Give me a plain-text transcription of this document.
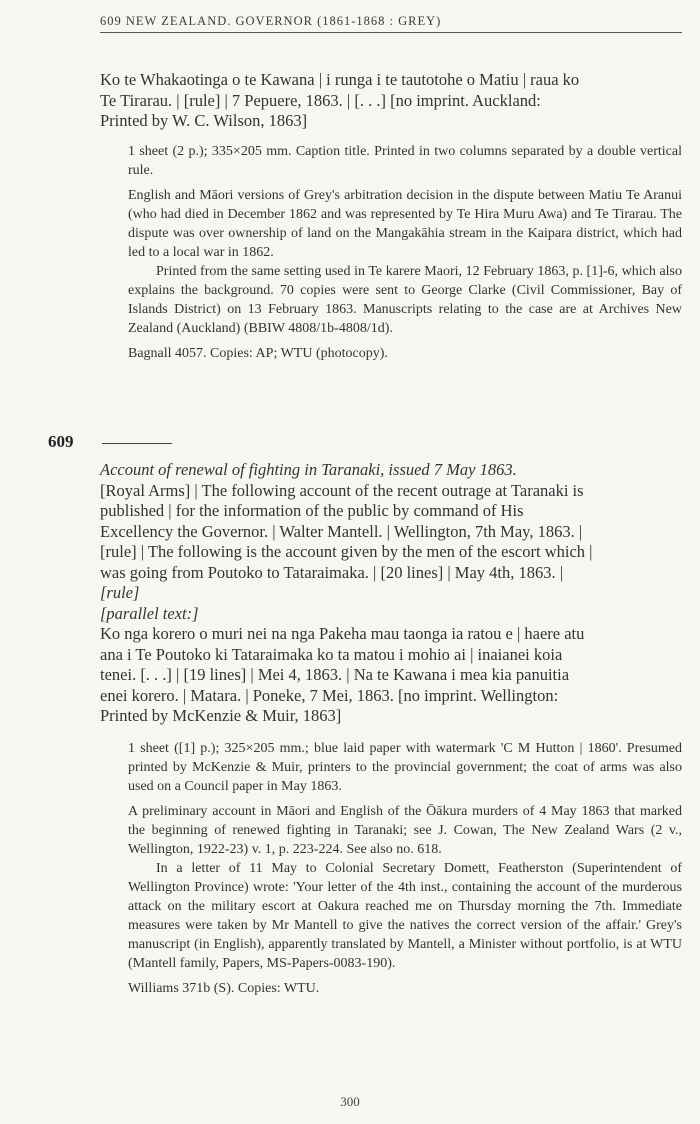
609 NEW ZEALAND. GOVERNOR (1861-1868 : GREY)
Ko te Whakaotinga o te Kawana | i runga i te tautotohe o Matiu | raua ko
Te Tirarau. | [rule] | 7 Pepuere, 1863. | [. . .] [no imprint. Auckland:
Printed by W. C. Wilson, 1863]

1 sheet (2 p.); 335×205 mm. Caption title. Printed in two columns separated by a double vertical rule.

English and Māori versions of Grey's arbitration decision in the dispute between Matiu Te Aranui (who had died in December 1862 and was represented by Te Hira Muru Awa) and Te Tirarau. The dispute was over ownership of land on the Mangakāhia stream in the Kaipara district, which had led to a local war in 1862.

Printed from the same setting used in Te karere Maori, 12 February 1863, p. [1]-6, which also explains the background. 70 copies were sent to George Clarke (Civil Commissioner, Bay of Islands District) on 13 February 1863. Manuscripts relating to the case are at Archives New Zealand (Auckland) (BBIW 4808/1b-4808/1d).

Bagnall 4057. Copies: AP; WTU (photocopy).

609
Account of renewal of fighting in Taranaki, issued 7 May 1863.
[Royal Arms] | The following account of the recent outrage at Taranaki is
published | for the information of the public by command of His
Excellency the Governor. | Walter Mantell. | Wellington, 7th May, 1863. |
[rule] | The following is the account given by the men of the escort which |
was going from Poutoko to Tataraimaka. | [20 lines] | May 4th, 1863. |
[rule]
[parallel text:]
Ko nga korero o muri nei na nga Pakeha mau taonga ia ratou e | haere atu
ana i Te Poutoko ki Tataraimaka ko ta matou i mohio ai | inaianei koia
tenei. [. . .] | [19 lines] | Mei 4, 1863. | Na te Kawana i mea kia panuitia
enei korero. | Matara. | Poneke, 7 Mei, 1863. [no imprint. Wellington:
Printed by McKenzie & Muir, 1863]

1 sheet ([1] p.); 325×205 mm.; blue laid paper with watermark 'C M Hutton | 1860'. Presumed printed by McKenzie & Muir, printers to the provincial government; the coat of arms was also used on a Council paper in May 1863.

A preliminary account in Māori and English of the Ōākura murders of 4 May 1863 that marked the beginning of renewed fighting in Taranaki; see J. Cowan, The New Zealand Wars (2 v., Wellington, 1922-23) v. 1, p. 223-224. See also no. 618.

In a letter of 11 May to Colonial Secretary Domett, Featherston (Superintendent of Wellington Province) wrote: 'Your letter of the 4th inst., containing the account of the murderous attack on the military escort at Oakura reached me on Thursday morning the 7th. Immediate measures were taken by Mr Mantell to give the natives the correct version of the affair.' Grey's manuscript (in English), apparently translated by Mantell, a Minister without portfolio, is at WTU (Mantell family, Papers, MS-Papers-0083-190).

Williams 371b (S). Copies: WTU.

300
